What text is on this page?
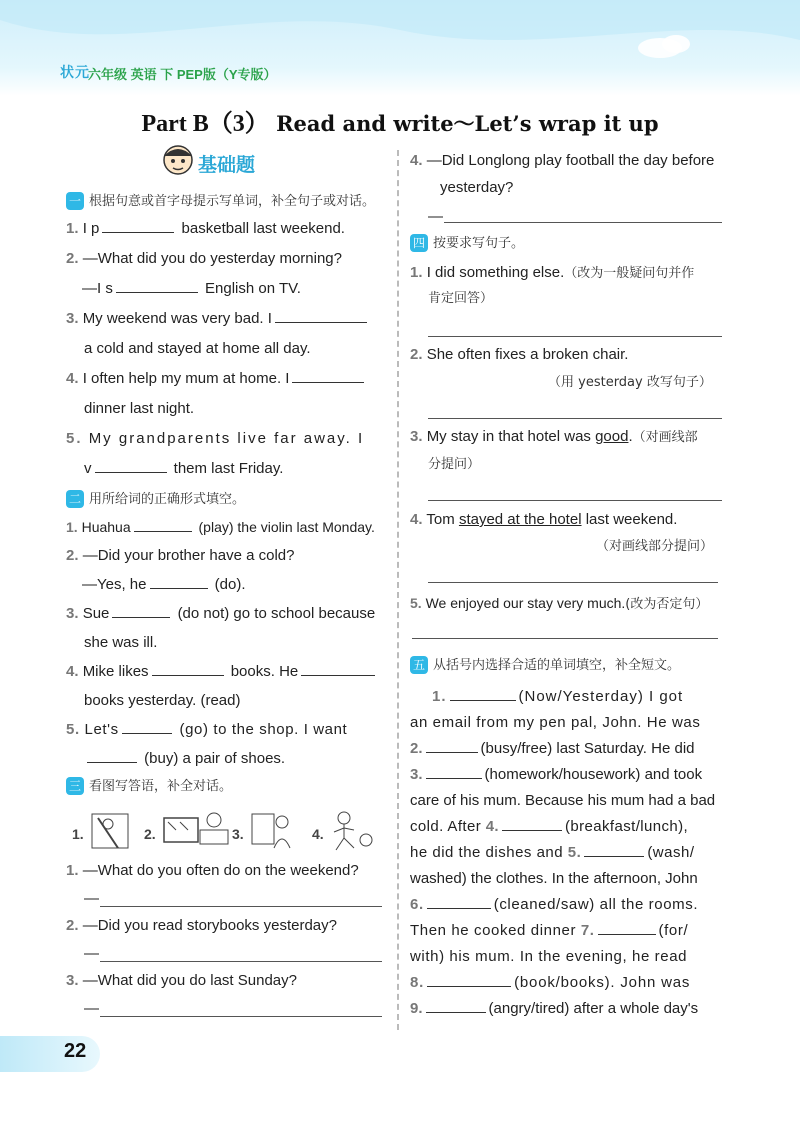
状元
六年级 英语 下 PEP版（Y专版）
Part B（3） Read and write～Let’s wrap it up
基础题
一 根据句意或首字母提示写单词，补全句子或对话。
1. I p	basketball last weekend.
2. —What did you do yesterday morning?
—I s	English on TV.
3. My weekend was very bad. I
a cold and stayed at home all day.
4. I often help my mum at home. I
dinner last night.
5. My grandparents live far away. I
v	them last Friday.
二 用所给词的正确形式填空。
1. Huahua	(play) the violin last Monday.
2. —Did your brother have a cold?
—Yes, he	(do).
3. Sue	(do not) go to school because
she was ill.
4. Mike likes	books. He
books yesterday. (read)
5. Let's	(go) to the shop. I want
(buy) a pair of shoes.
三 看图写答语，补全对话。
1.	2.	3.	4.
1. —What do you often do on the weekend?
—
2. —Did you read storybooks yesterday?
—
3. —What did you do last Sunday?
—
4. —Did Longlong play football the day before
yesterday?
—
四 按要求写句子。
1. I did something else.（改为一般疑问句并作
肯定回答）
2. She often fixes a broken chair.
（用 yesterday 改写句子）
3. My stay in that hotel was good.（对画线部
分提问）
4. Tom stayed at the hotel last weekend.
（对画线部分提问）
5. We enjoyed our stay very much.(改为否定句）
五 从括号内选择合适的单词填空，补全短文。
1.	(Now/Yesterday) I got
an email from my pen pal, John. He was
2.	(busy/free) last Saturday. He did
3.	(homework/housework) and took
care of his mum. Because his mum had a bad
cold. After 4.	(breakfast/lunch),
he did the dishes and 5.	(wash/
washed) the clothes. In the afternoon, John
6.	(cleaned/saw) all the rooms.
Then he cooked dinner 7.	(for/
with) his mum. In the evening, he read
8.	(book/books). John was
9.	(angry/tired) after a whole day's
22
